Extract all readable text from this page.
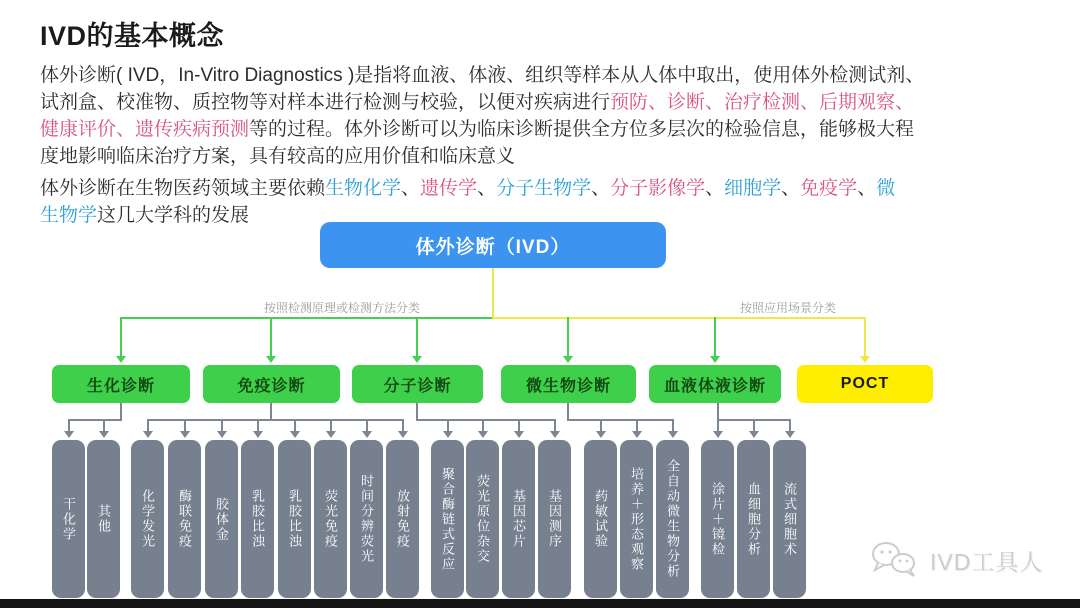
IVD的基本概念
体外诊断( IVD，In-Vitro Diagnostics )是指将血液、体液、组织等样本从人体中取出，使用体外检测试剂、
试剂盒、校准物、质控物等对样本进行检测与校验，以便对疾病进行预防、诊断、治疗检测、后期观察、
健康评价、遗传疾病预测等的过程。体外诊断可以为临床诊断提供全方位多层次的检验信息，能够极大程
度地影响临床治疗方案，具有较高的应用价值和临床意义
体外诊断在生物医药领域主要依赖生物化学、遗传学、分子生物学、分子影像学、细胞学、免疫学、微
生物学这几大学科的发展
体外诊断（IVD）
按照检测原理或检测方法分类	按照应用场景分类
生化诊断	免疫诊断	分子诊断	微生物诊断	血液体液诊断	POCT
干化学	其他	化学发光	酶联免疫	胶体金	乳胶比浊	乳胶比浊	荧光免疫	时间分辨荧光	放射免疫	聚合酶链式反应	荧光原位杂交	基因芯片	基因测序	药敏试验	培养＋形态观察	全自动微生物分析	涂片＋镜检	血细胞分析	流式细胞术
IVD工具人
